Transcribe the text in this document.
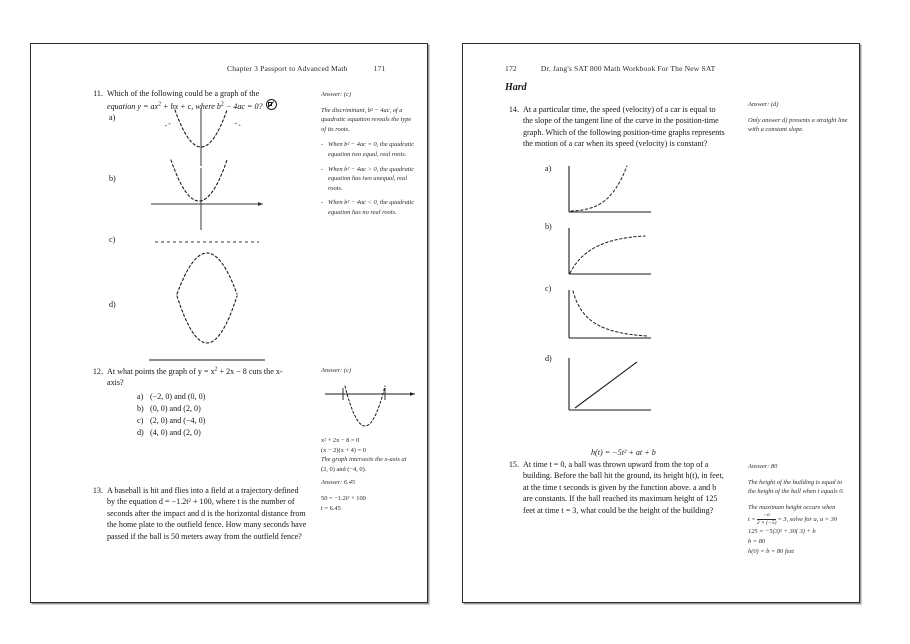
Chapter 3 Passport to Advanced Math	171
11. Which of the following could be a graph of the
equation $y = ax^2$ + bx + c, where $b^2 - 4ac = 0$?
a)
b)
c)
d)
Answer: (c)

The discriminant, b² − 4ac, of a quadratic equation reveals the type of its roots.

- When b² − 4ac = 0, the quadratic equation two equal, real roots.
- When b² − 4ac > 0, the quadratic equation has two unequal, real roots.
- When b² − 4ac < 0, the quadratic equation has no real roots.
12. At what points the graph of $y = x^2 + 2x - 8$ cuts the x-
axis?
a) (−2, 0) and (0, 0)
b) (0, 0) and (2, 0)
c) (2, 0) and (−4, 0)
d) (4, 0) and (2, 0)
Answer: (c)
x² + 2x − 8 = 0
(x − 2)(x + 4) = 0
The graph intersects the x-axis at
(2, 0) and (−4, 0).
13. A baseball is hit and flies into a field at a trajectory defined by the equation d = −1.2t² + 100, where t is the number of seconds after the impact and d is the horizontal distance from the home plate to the outfield fence. How many seconds have passed if the ball is 50 meters away from the outfield fence?
Answer: 6.45
50 = −1.2t² + 100
t = 6.45
172	Dr. Jang's SAT 800 Math Workbook For The New SAT
Hard
14. At a particular time, the speed (velocity) of a car is equal to the slope of the tangent line of the curve in the position-time graph. Which of the following position-time graphs represents the motion of a car when its speed (velocity) is constant?
a)
b)
c)
d)
Answer: (d)

Only answer d) presents a straight line with a constant slope.

h(t) = −5t² + at + b
15. At time t = 0, a ball was thrown upward from the top of a building. Before the ball hit the ground, its height h(t), in feet, at the time t seconds is given by the function above. a and b are constants. If the ball reached its maximum height of 125 feet at time t = 3, what could be the height of the building?
Answer: 80

The height of the building is equal to the height of the ball when t equals 0.

The maximum height occurs when
$t = \frac{-a}{2 \times (-5)} = 3$, solve for a, a = 30
125 = −5(3)² + 30( 3) + b
b = 80
h(0) = b = 80 feet
